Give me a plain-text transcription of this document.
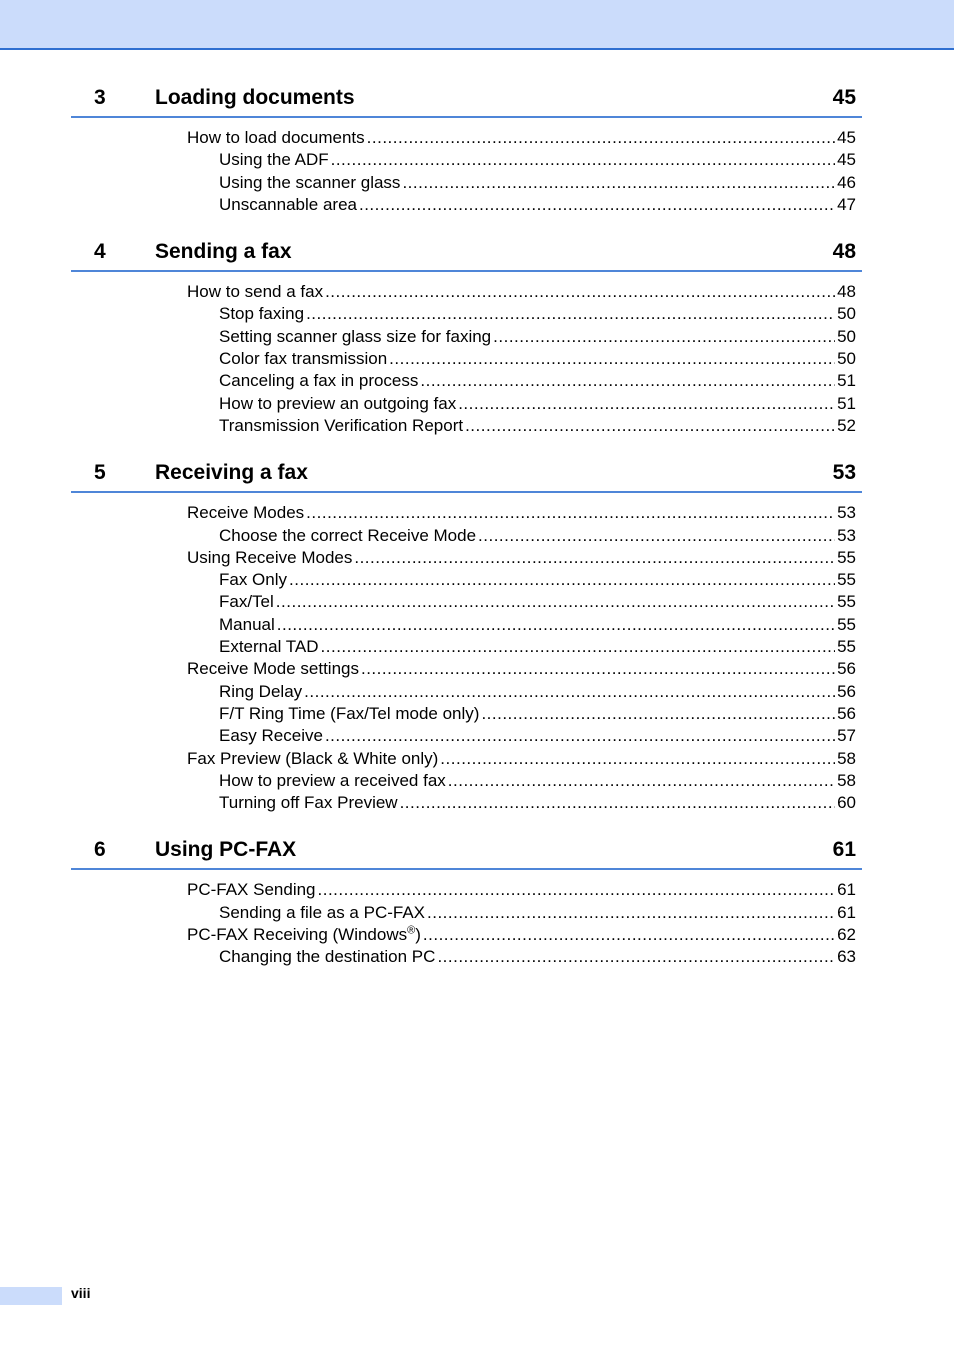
3 Loading documents	45
How to load documents .....	45
Using the ADF .....	45
Using the scanner glass .....	46
Unscannable area .....	47
4 Sending a fax	48
How to send a fax .....	48
Stop faxing .....	50
Setting scanner glass size for faxing .....	50
Color fax transmission .....	50
Canceling a fax in process .....	51
How to preview an outgoing fax .....	51
Transmission Verification Report .....	52
5 Receiving a fax	53
Receive Modes .....	53
Choose the correct Receive Mode .....	53
Using Receive Modes .....	55
Fax Only .....	55
Fax/Tel .....	55
Manual .....	55
External TAD .....	55
Receive Mode settings .....	56
Ring Delay .....	56
F/T Ring Time (Fax/Tel mode only) .....	56
Easy Receive .....	57
Fax Preview (Black & White only) .....	58
How to preview a received fax .....	58
Turning off Fax Preview .....	60
6 Using PC-FAX	61
PC-FAX Sending .....	61
Sending a file as a PC-FAX .....	61
PC-FAX Receiving (Windows®) .....	62
Changing the destination PC .....	63
viii
